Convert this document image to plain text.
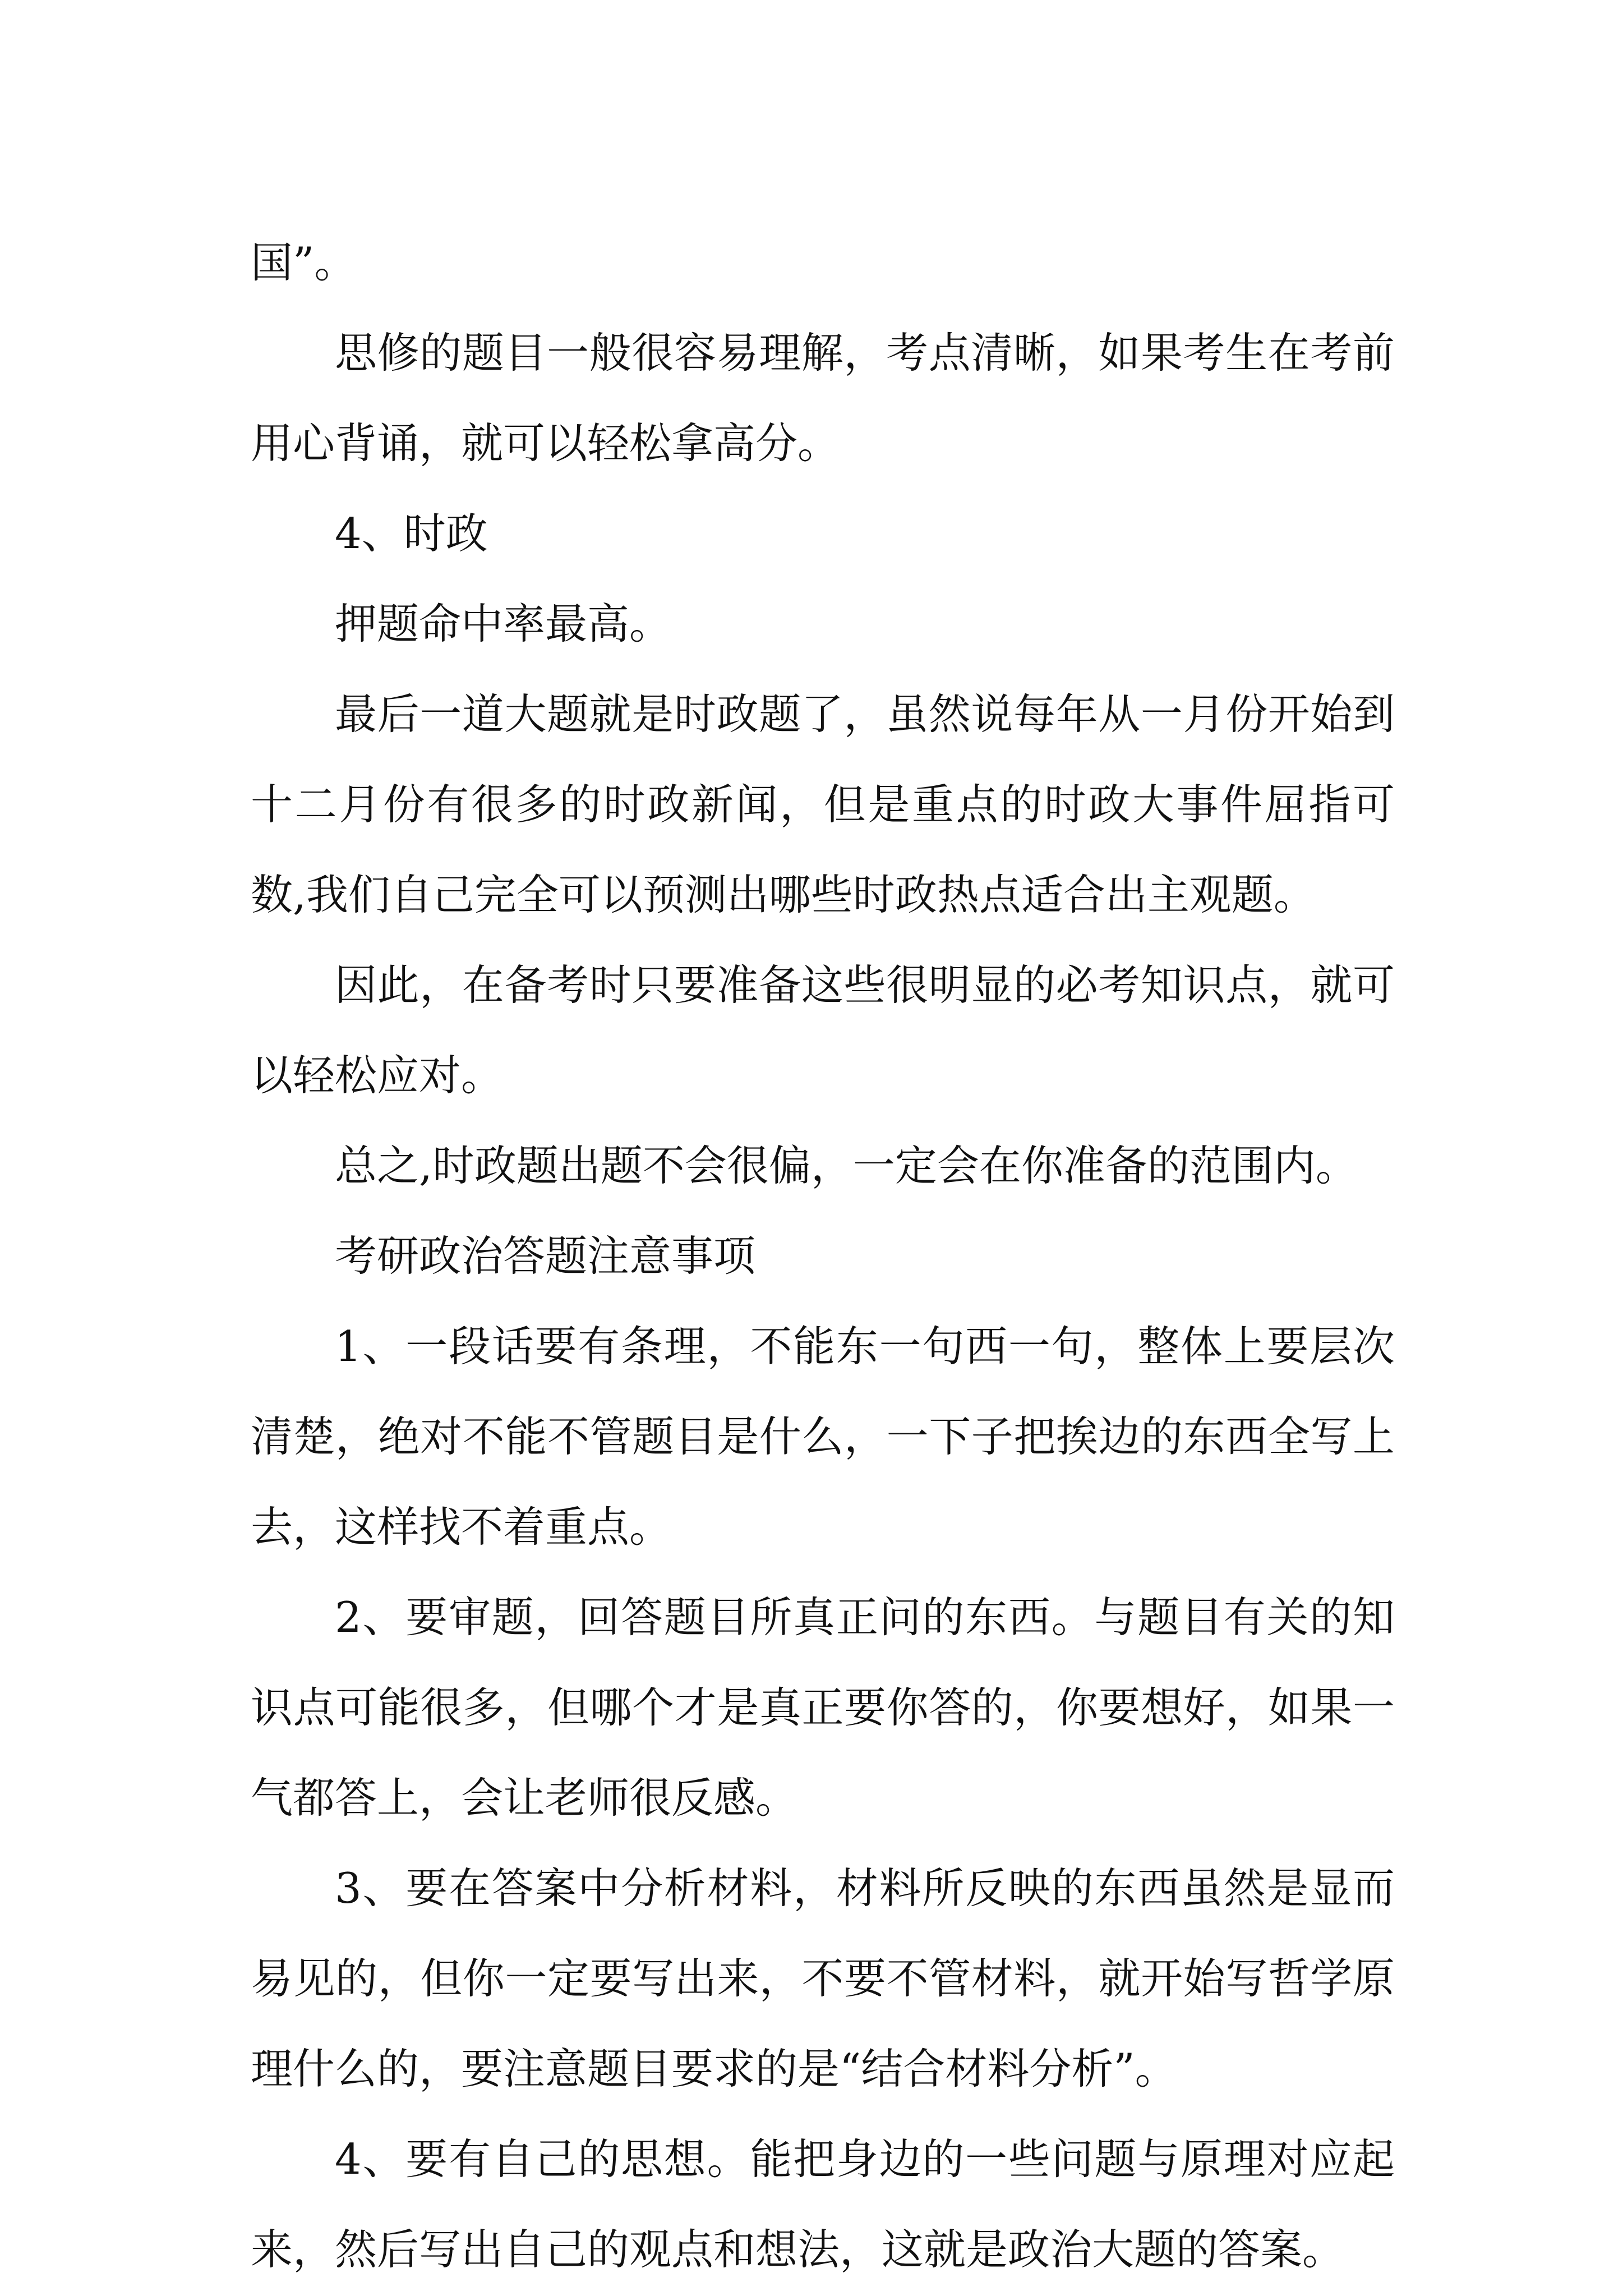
国”。

思修的题目一般很容易理解，考点清晰，如果考生在考前用心背诵，就可以轻松拿高分。

4、时政

押题命中率最高。

最后一道大题就是时政题了，虽然说每年从一月份开始到十二月份有很多的时政新闻，但是重点的时政大事件屈指可数,我们自己完全可以预测出哪些时政热点适合出主观题。

因此，在备考时只要准备这些很明显的必考知识点，就可以轻松应对。

总之,时政题出题不会很偏，一定会在你准备的范围内。

考研政治答题注意事项

1、一段话要有条理，不能东一句西一句，整体上要层次清楚，绝对不能不管题目是什么，一下子把挨边的东西全写上去，这样找不着重点。

2、要审题，回答题目所真正问的东西。与题目有关的知识点可能很多，但哪个才是真正要你答的，你要想好，如果一气都答上，会让老师很反感。

3、要在答案中分析材料，材料所反映的东西虽然是显而易见的，但你一定要写出来，不要不管材料，就开始写哲学原理什么的，要注意题目要求的是“结合材料分析”。

4、要有自己的思想。能把身边的一些问题与原理对应起来，然后写出自己的观点和想法，这就是政治大题的答案。
